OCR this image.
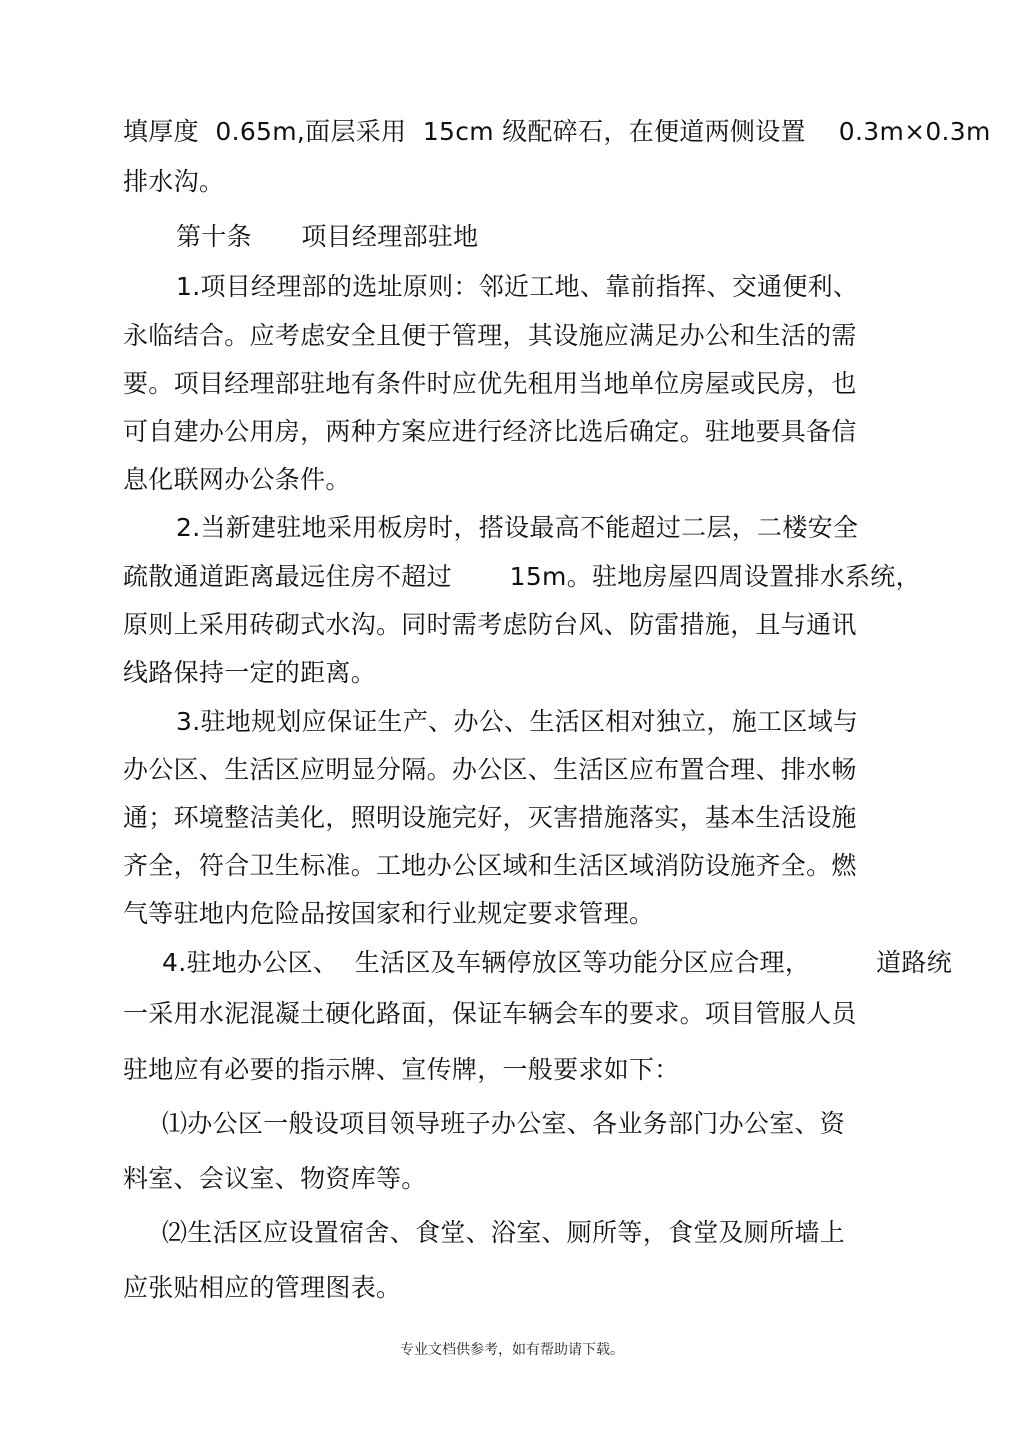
填厚度  0.65m,面层采用  15cm 级配碎石，在便道两侧设置    0.3m×0.3m
排水沟。
第十条      项目经理部驻地
1.项目经理部的选址原则：邻近工地、靠前指挥、交通便利、
永临结合。应考虑安全且便于管理，其设施应满足办公和生活的需
要。项目经理部驻地有条件时应优先租用当地单位房屋或民房，也
可自建办公用房，两种方案应进行经济比选后确定。驻地要具备信
息化联网办公条件。
2.当新建驻地采用板房时，搭设最高不能超过二层，二楼安全
疏散通道距离最远住房不超过       15m。驻地房屋四周设置排水系统，
原则上采用砖砌式水沟。同时需考虑防台风、防雷措施，且与通讯
线路保持一定的距离。
3.驻地规划应保证生产、办公、生活区相对独立，施工区域与
办公区、生活区应明显分隔。办公区、生活区应布置合理、排水畅
通；环境整洁美化，照明设施完好，灭害措施落实，基本生活设施
齐全，符合卫生标准。工地办公区域和生活区域消防设施齐全。燃
气等驻地内危险品按国家和行业规定要求管理。
4.驻地办公区、  生活区及车辆停放区等功能分区应合理，        道路统
一采用水泥混凝土硬化路面，保证车辆会车的要求。项目管服人员
驻地应有必要的指示牌、宣传牌，一般要求如下：
⑴办公区一般设项目领导班子办公室、各业务部门办公室、资
料室、会议室、物资库等。
⑵生活区应设置宿舍、食堂、浴室、厕所等，食堂及厕所墙上
应张贴相应的管理图表。
专业文档供参考，如有帮助请下载。
